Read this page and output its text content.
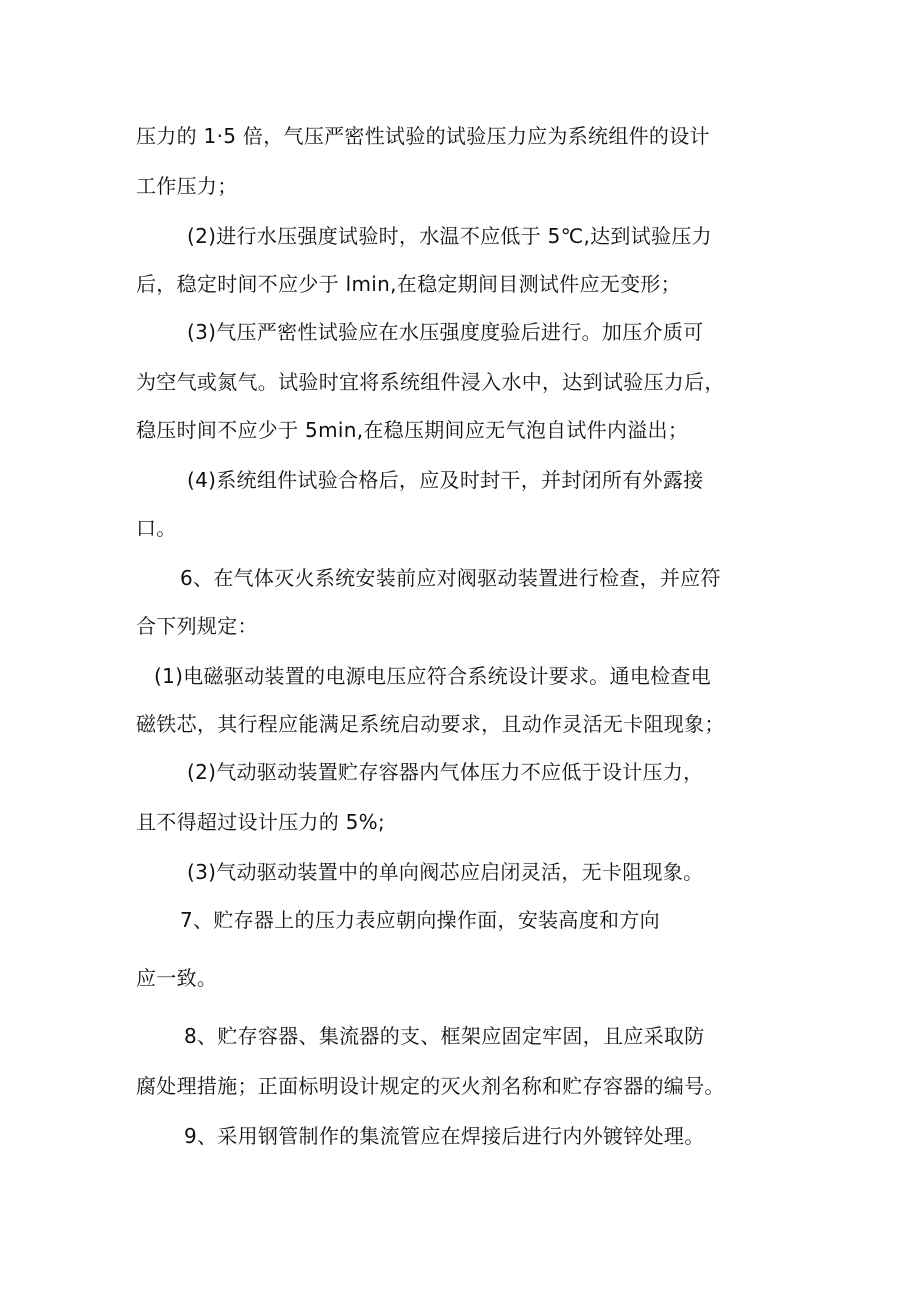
压力的 1·5 倍，气压严密性试验的试验压力应为系统组件的设计
工作压力；
(2)进行水压强度试验时，水温不应低于 5℃,达到试验压力
后，稳定时间不应少于 lmin,在稳定期间目测试件应无变形；
(3)气压严密性试验应在水压强度度验后进行。加压介质可
为空气或氮气。试验时宜将系统组件浸入水中，达到试验压力后，
稳压时间不应少于 5min,在稳压期间应无气泡自试件内溢出；
(4)系统组件试验合格后，应及时封干，并封闭所有外露接
口。
6、在气体灭火系统安装前应对阀驱动装置进行检查，并应符
合下列规定：
(1)电磁驱动装置的电源电压应符合系统设计要求。通电检查电
磁铁芯，其行程应能满足系统启动要求，且动作灵活无卡阻现象；
(2)气动驱动装置贮存容器内气体压力不应低于设计压力，
且不得超过设计压力的 5%;
(3)气动驱动装置中的单向阀芯应启闭灵活，无卡阻现象。
7、贮存器上的压力表应朝向操作面，安装高度和方向
应一致。
8、贮存容器、集流器的支、框架应固定牢固，且应采取防
腐处理措施；正面标明设计规定的灭火剂名称和贮存容器的编号。
9、采用钢管制作的集流管应在焊接后进行内外镀锌处理。
